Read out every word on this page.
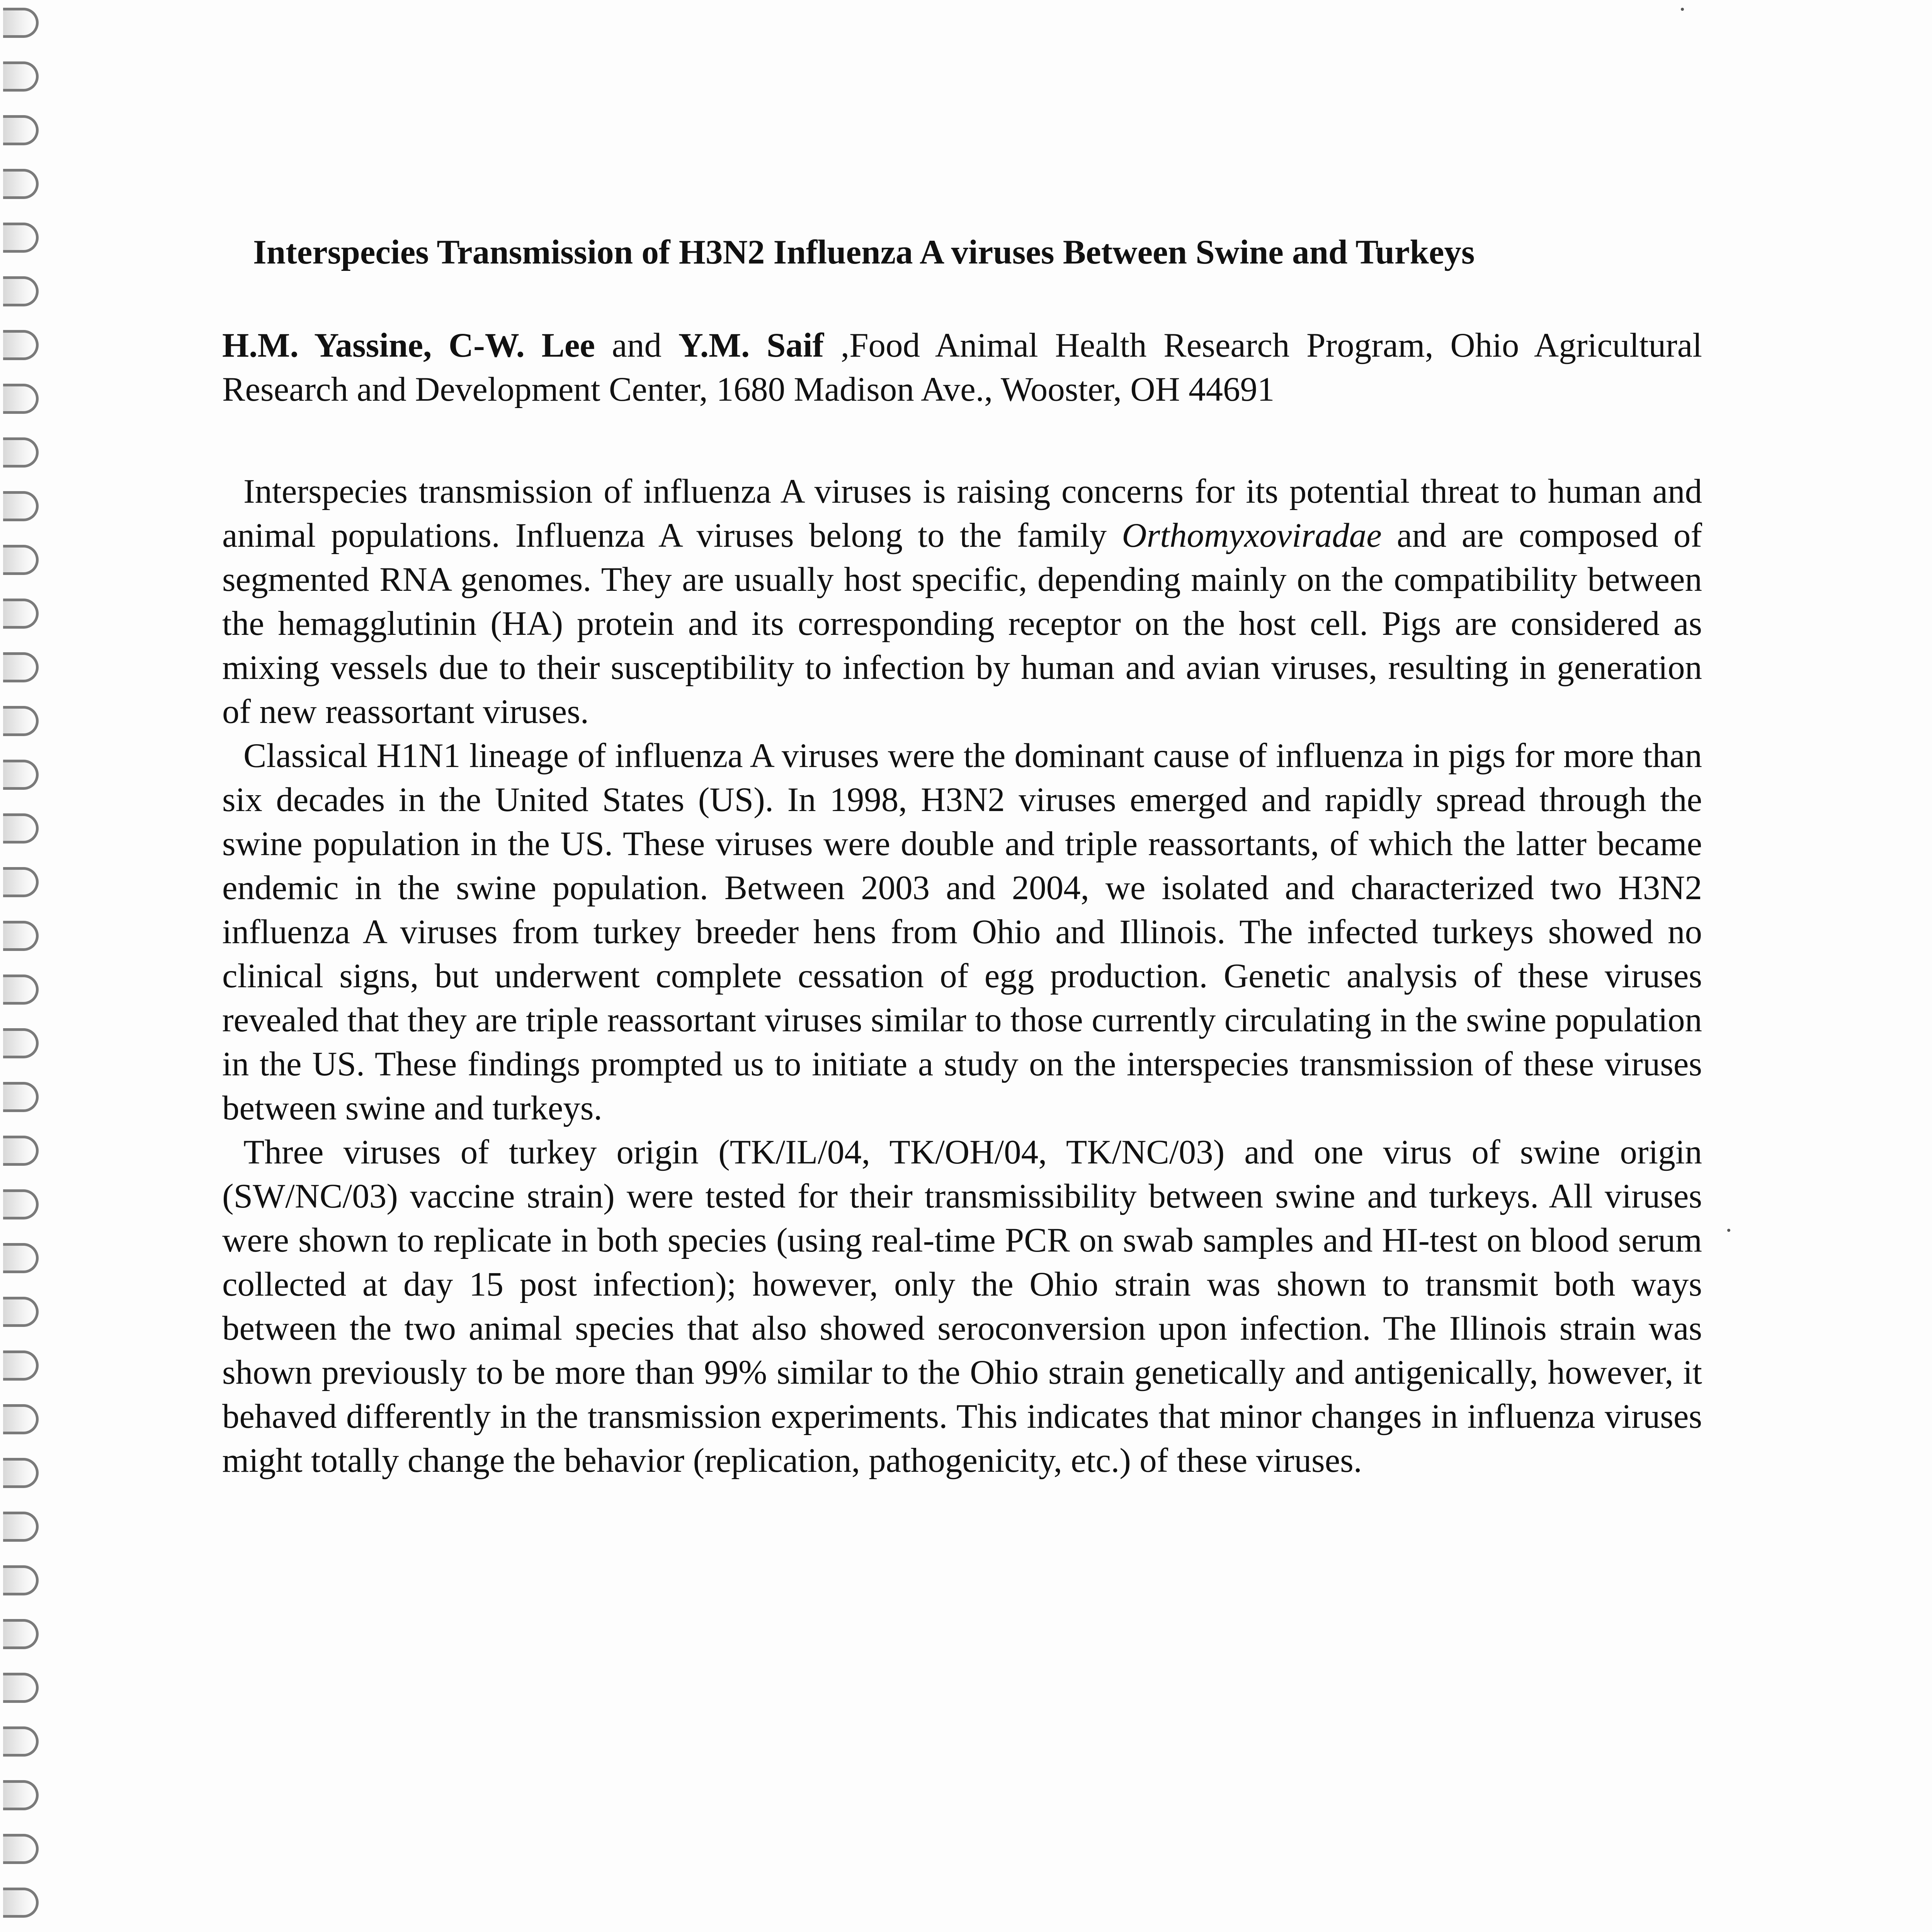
Interspecies Transmission of H3N2 Influenza A viruses Between Swine and Turkeys

H.M. Yassine, C-W. Lee and Y.M. Saif ,Food Animal Health Research Program, Ohio Agricultural Research and Development Center, 1680 Madison Ave., Wooster, OH 44691

Interspecies transmission of influenza A viruses is raising concerns for its potential threat to human and animal populations. Influenza A viruses belong to the family Orthomyxoviradae and are composed of segmented RNA genomes. They are usually host specific, depending mainly on the compatibility between the hemagglutinin (HA) protein and its corresponding receptor on the host cell. Pigs are considered as mixing vessels due to their susceptibility to infection by human and avian viruses, resulting in generation of new reassortant viruses.

Classical H1N1 lineage of influenza A viruses were the dominant cause of influenza in pigs for more than six decades in the United States (US). In 1998, H3N2 viruses emerged and rapidly spread through the swine population in the US. These viruses were double and triple reassortants, of which the latter became endemic in the swine population. Between 2003 and 2004, we isolated and characterized two H3N2 influenza A viruses from turkey breeder hens from Ohio and Illinois. The infected turkeys showed no clinical signs, but underwent complete cessation of egg production. Genetic analysis of these viruses revealed that they are triple reassortant viruses similar to those currently circulating in the swine population in the US. These findings prompted us to initiate a study on the interspecies transmission of these viruses between swine and turkeys.

Three viruses of turkey origin (TK/IL/04, TK/OH/04, TK/NC/03) and one virus of swine origin (SW/NC/03) vaccine strain) were tested for their transmissibility between swine and turkeys. All viruses were shown to replicate in both species (using real-time PCR on swab samples and HI-test on blood serum collected at day 15 post infection); however, only the Ohio strain was shown to transmit both ways between the two animal species that also showed seroconversion upon infection. The Illinois strain was shown previously to be more than 99% similar to the Ohio strain genetically and antigenically, however, it behaved differently in the transmission experiments. This indicates that minor changes in influenza viruses might totally change the behavior (replication, pathogenicity, etc.) of these viruses.
